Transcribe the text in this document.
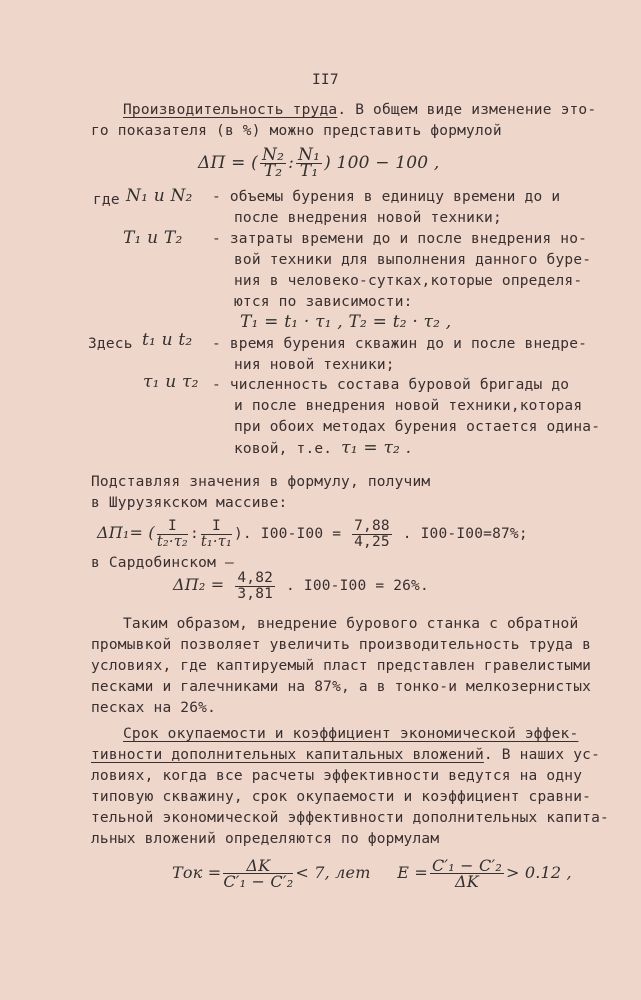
II7
Производительность труда. В общем виде изменение это-
го показателя (в %) можно представить формулой
ΔП = ( $\frac{\text{N₂}}{\text{T₂}}$ : $\frac{\text{N₁}}{\text{T₁}}$ ) 100 − 100 ,
где N₁ и N₂ - объемы бурения в единицу времени до и
после внедрения новой техники;
T₁ и T₂ - затраты времени до и после внедрения но-
вой техники для выполнения данного буре-
ния в человеко-сутках,которые определя-
ются по зависимости:
T₁ = t₁ · τ₁ , T₂ = t₂ · τ₂ ,
Здесь t₁ и t₂ - время бурения скважин до и после внедре-
ния новой техники;
τ₁ и τ₂ - численность состава буровой бригады до
и после внедрения новой техники,которая
при обоих методах бурения остается одина-
ковой, т.е. τ₁ = τ₂ .
Подставляя значения в формулу, получим
в Шурузякском массиве:
ΔП₁= ( $\frac{I}{\text{t₂·τ₂}}$ : $\frac{I}{\text{t₁·τ₁}}$ ). $I00-I00 = \frac{7,88}{4,25}$ . I00-I00=87%;
в Сардобинском —
$\Delta П_2 = \frac{4,82}{3,81}$ . I00-I00 = 26%.
Таким образом, внедрение бурового станка с обратной
промывкой позволяет увеличить производительность труда в
условиях, где каптируемый пласт представлен гравелистыми
песками и галечниками на 87%, а в тонко-и мелкозернистых
песках на 26%.
Срок окупаемости и коэффициент экономической эффек-
тивности дополнительных капитальных вложений. В наших ус-
ловиях, когда все расчеты эффективности ведутся на одну
типовую скважину, срок окупаемости и коэффициент сравни-
тельной экономической эффективности дополнительных капита-
льных вложений определяются по формулам
Tок = $\frac{\Delta K}{\text{C′₁ − C′₂}} < 7$, лет $E = \frac{\text{C′₁ − C′₂}}{\Delta K} > 0.12$ ,
